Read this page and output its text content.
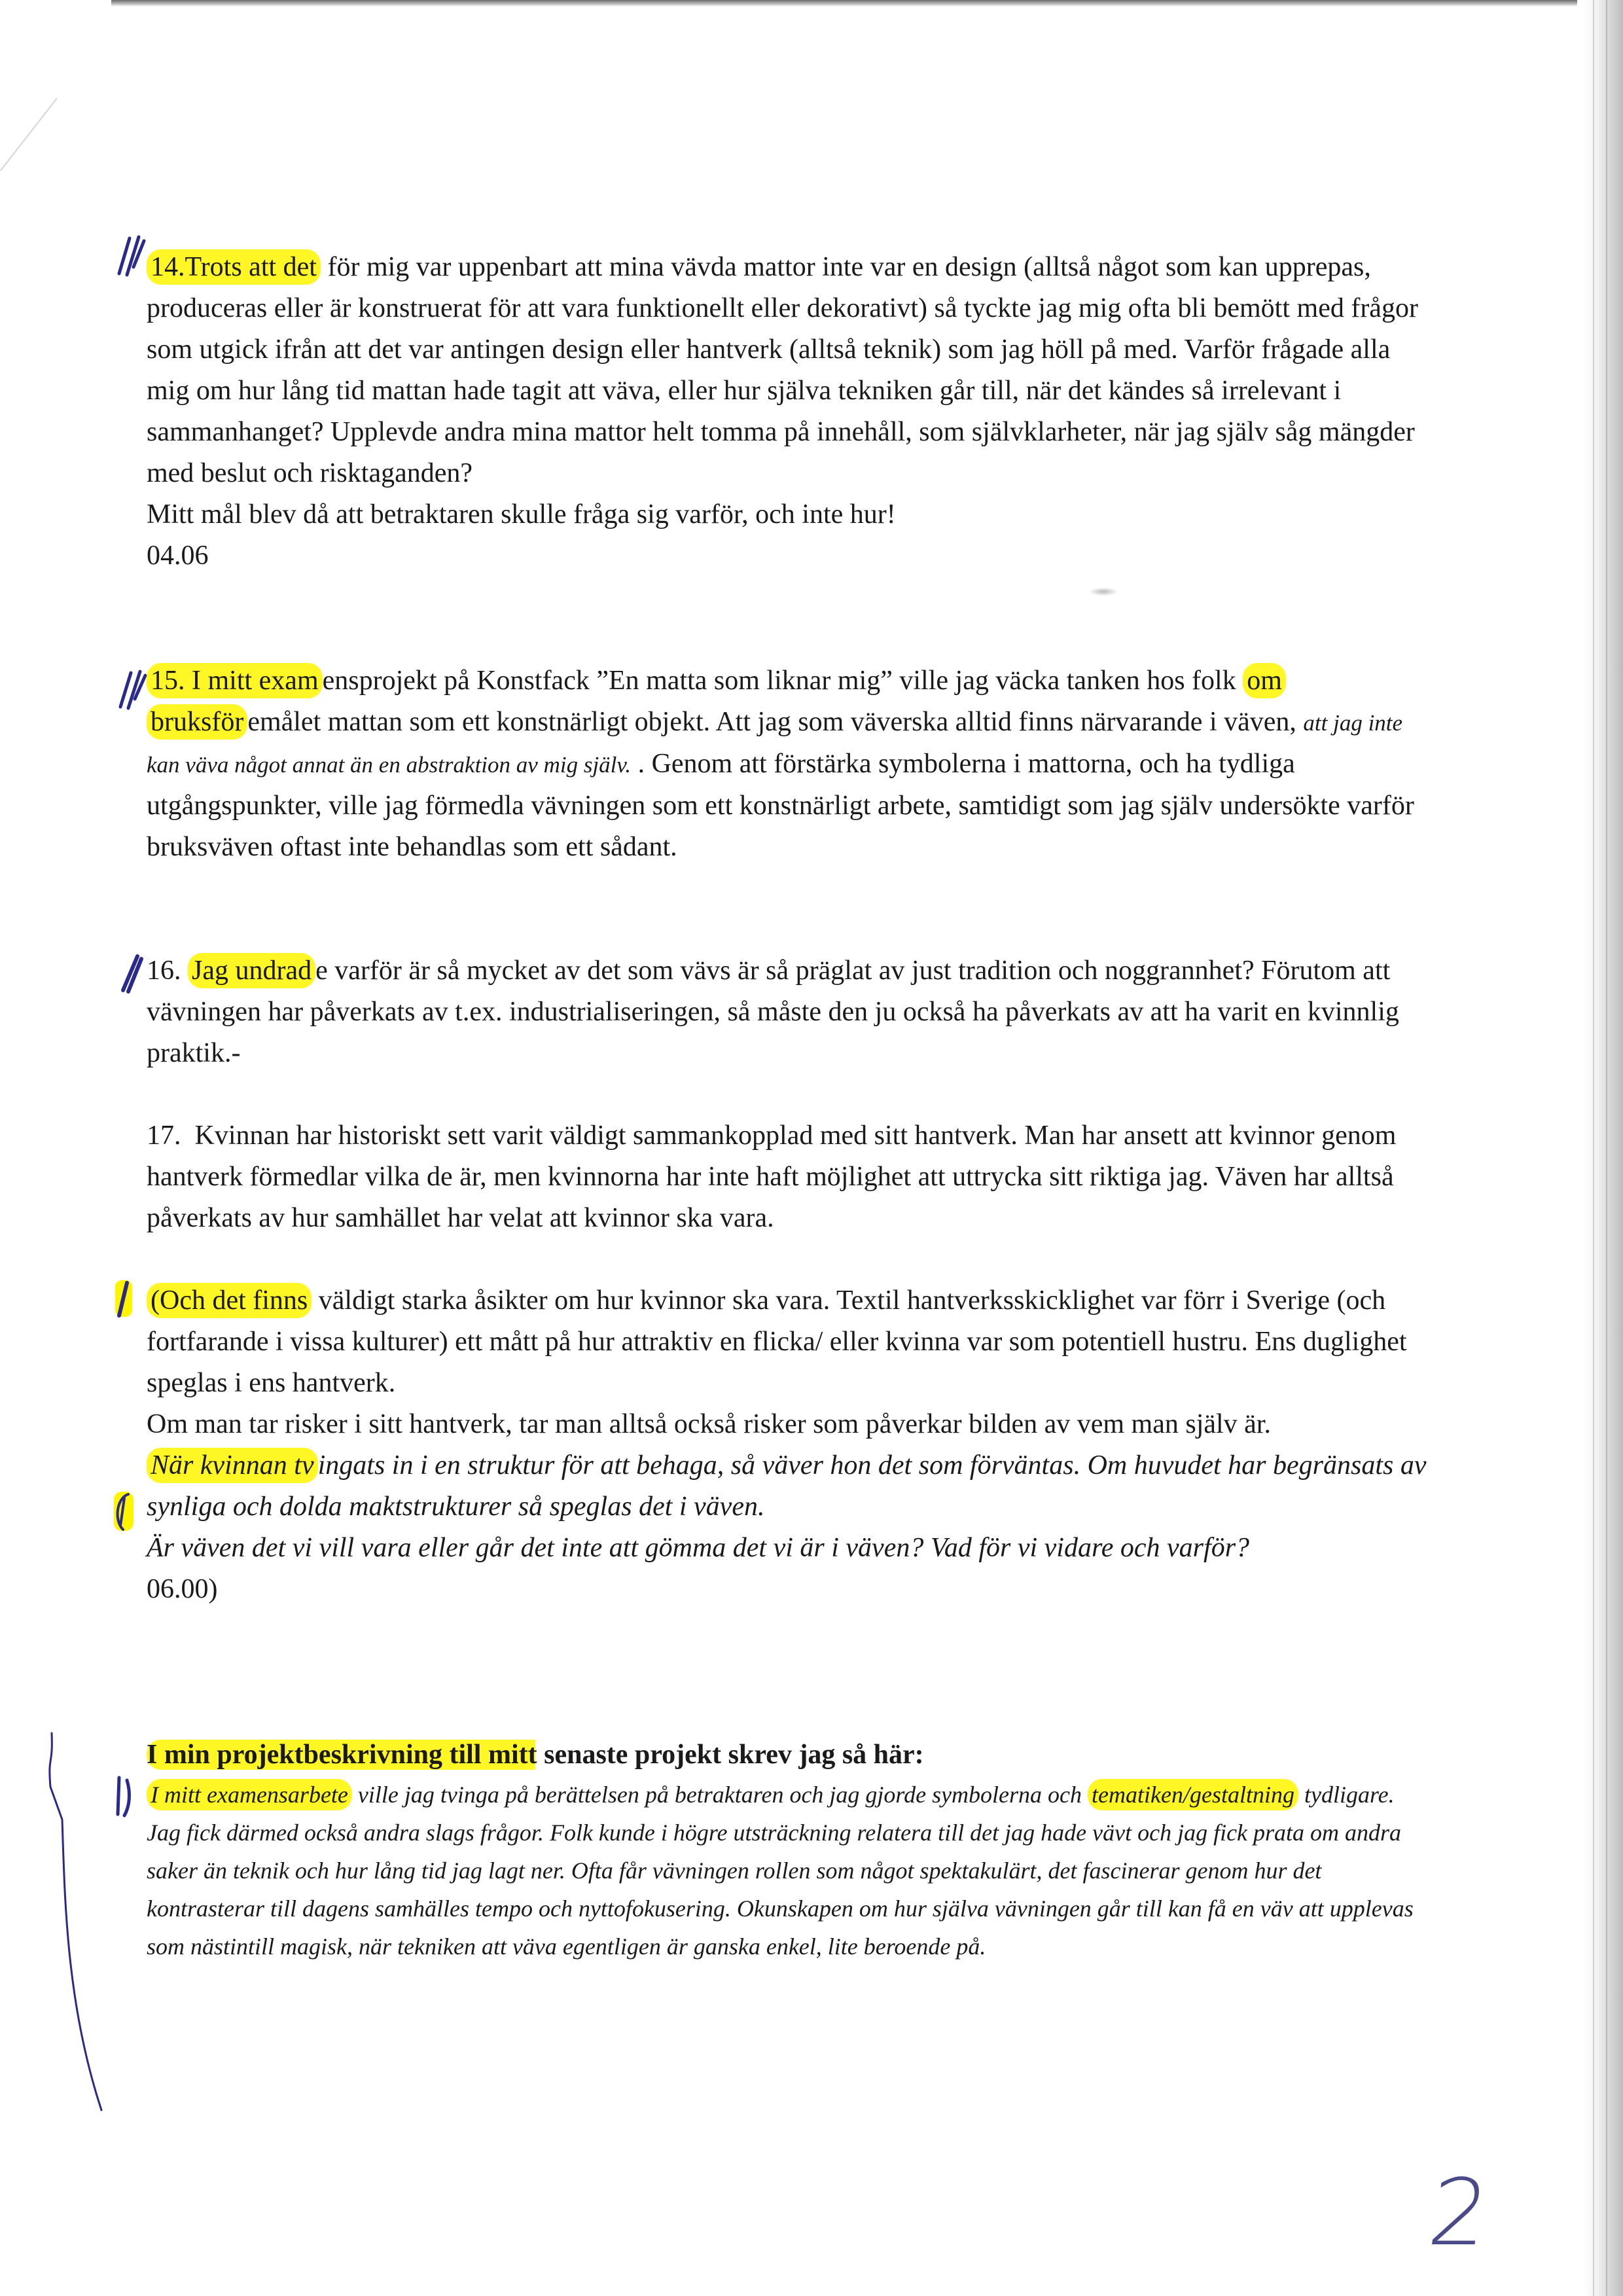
14.Trots att det för mig var uppenbart att mina vävda mattor inte var en design (alltså något som kan upprepas, produceras eller är konstruerat för att vara funktionellt eller dekorativt) så tyckte jag mig ofta bli bemött med frågor som utgick ifrån att det var antingen design eller hantverk (alltså teknik) som jag höll på med. Varför frågade alla mig om hur lång tid mattan hade tagit att väva, eller hur själva tekniken går till, när det kändes så irrelevant i sammanhanget? Upplevde andra mina mattor helt tomma på innehåll, som självklarheter, när jag själv såg mängder med beslut och risktaganden?

Mitt mål blev då att betraktaren skulle fråga sig varför, och inte hur!

04.06

15. I mitt exam ensprojekt på Konstfack ”En matta som liknar mig” ville jag väcka tanken hos folk om bruksför emålet mattan som ett konstnärligt objekt. Att jag som väverska alltid finns närvarande i väven, att jag inte kan väva något annat än en abstraktion av mig själv. . Genom att förstärka symbolerna i mattorna, och ha tydliga utgångspunkter, ville jag förmedla vävningen som ett konstnärligt arbete, samtidigt som jag själv undersökte varför bruksväven oftast inte behandlas som ett sådant.

16. Jag undrad e varför är så mycket av det som vävs är så präglat av just tradition och noggrannhet? Förutom att vävningen har påverkats av t.ex. industrialiseringen, så måste den ju också ha påverkats av att ha varit en kvinnlig praktik.-

17. Kvinnan har historiskt sett varit väldigt sammankopplad med sitt hantverk. Man har ansett att kvinnor genom hantverk förmedlar vilka de är, men kvinnorna har inte haft möjlighet att uttrycka sitt riktiga jag. Väven har alltså påverkats av hur samhället har velat att kvinnor ska vara.

(Och det finns väldigt starka åsikter om hur kvinnor ska vara. Textil hantverksskicklighet var förr i Sverige (och fortfarande i vissa kulturer) ett mått på hur attraktiv en flicka/ eller kvinna var som potentiell hustru. Ens duglighet speglas i ens hantverk.

Om man tar risker i sitt hantverk, tar man alltså också risker som påverkar bilden av vem man själv är.

När kvinnan tv ingats in i en struktur för att behaga, så väver hon det som förväntas. Om huvudet har begränsats av synliga och dolda maktstrukturer så speglas det i väven.

Är väven det vi vill vara eller går det inte att gömma det vi är i väven? Vad för vi vidare och varför?

06.00)

I min projektbeskrivning till mitt senaste projekt skrev jag så här:

I mitt examensarbete ville jag tvinga på berättelsen på betraktaren och jag gjorde symbolerna och tematiken/gestaltning tydligare. Jag fick därmed också andra slags frågor. Folk kunde i högre utsträckning relatera till det jag hade vävt och jag fick prata om andra saker än teknik och hur lång tid jag lagt ner. Ofta får vävningen rollen som något spektakulärt, det fascinerar genom hur det kontrasterar till dagens samhälles tempo och nyttofokusering. Okunskapen om hur själva vävningen går till kan få en väv att upplevas som nästintill magisk, när tekniken att väva egentligen är ganska enkel, lite beroende på.

2
